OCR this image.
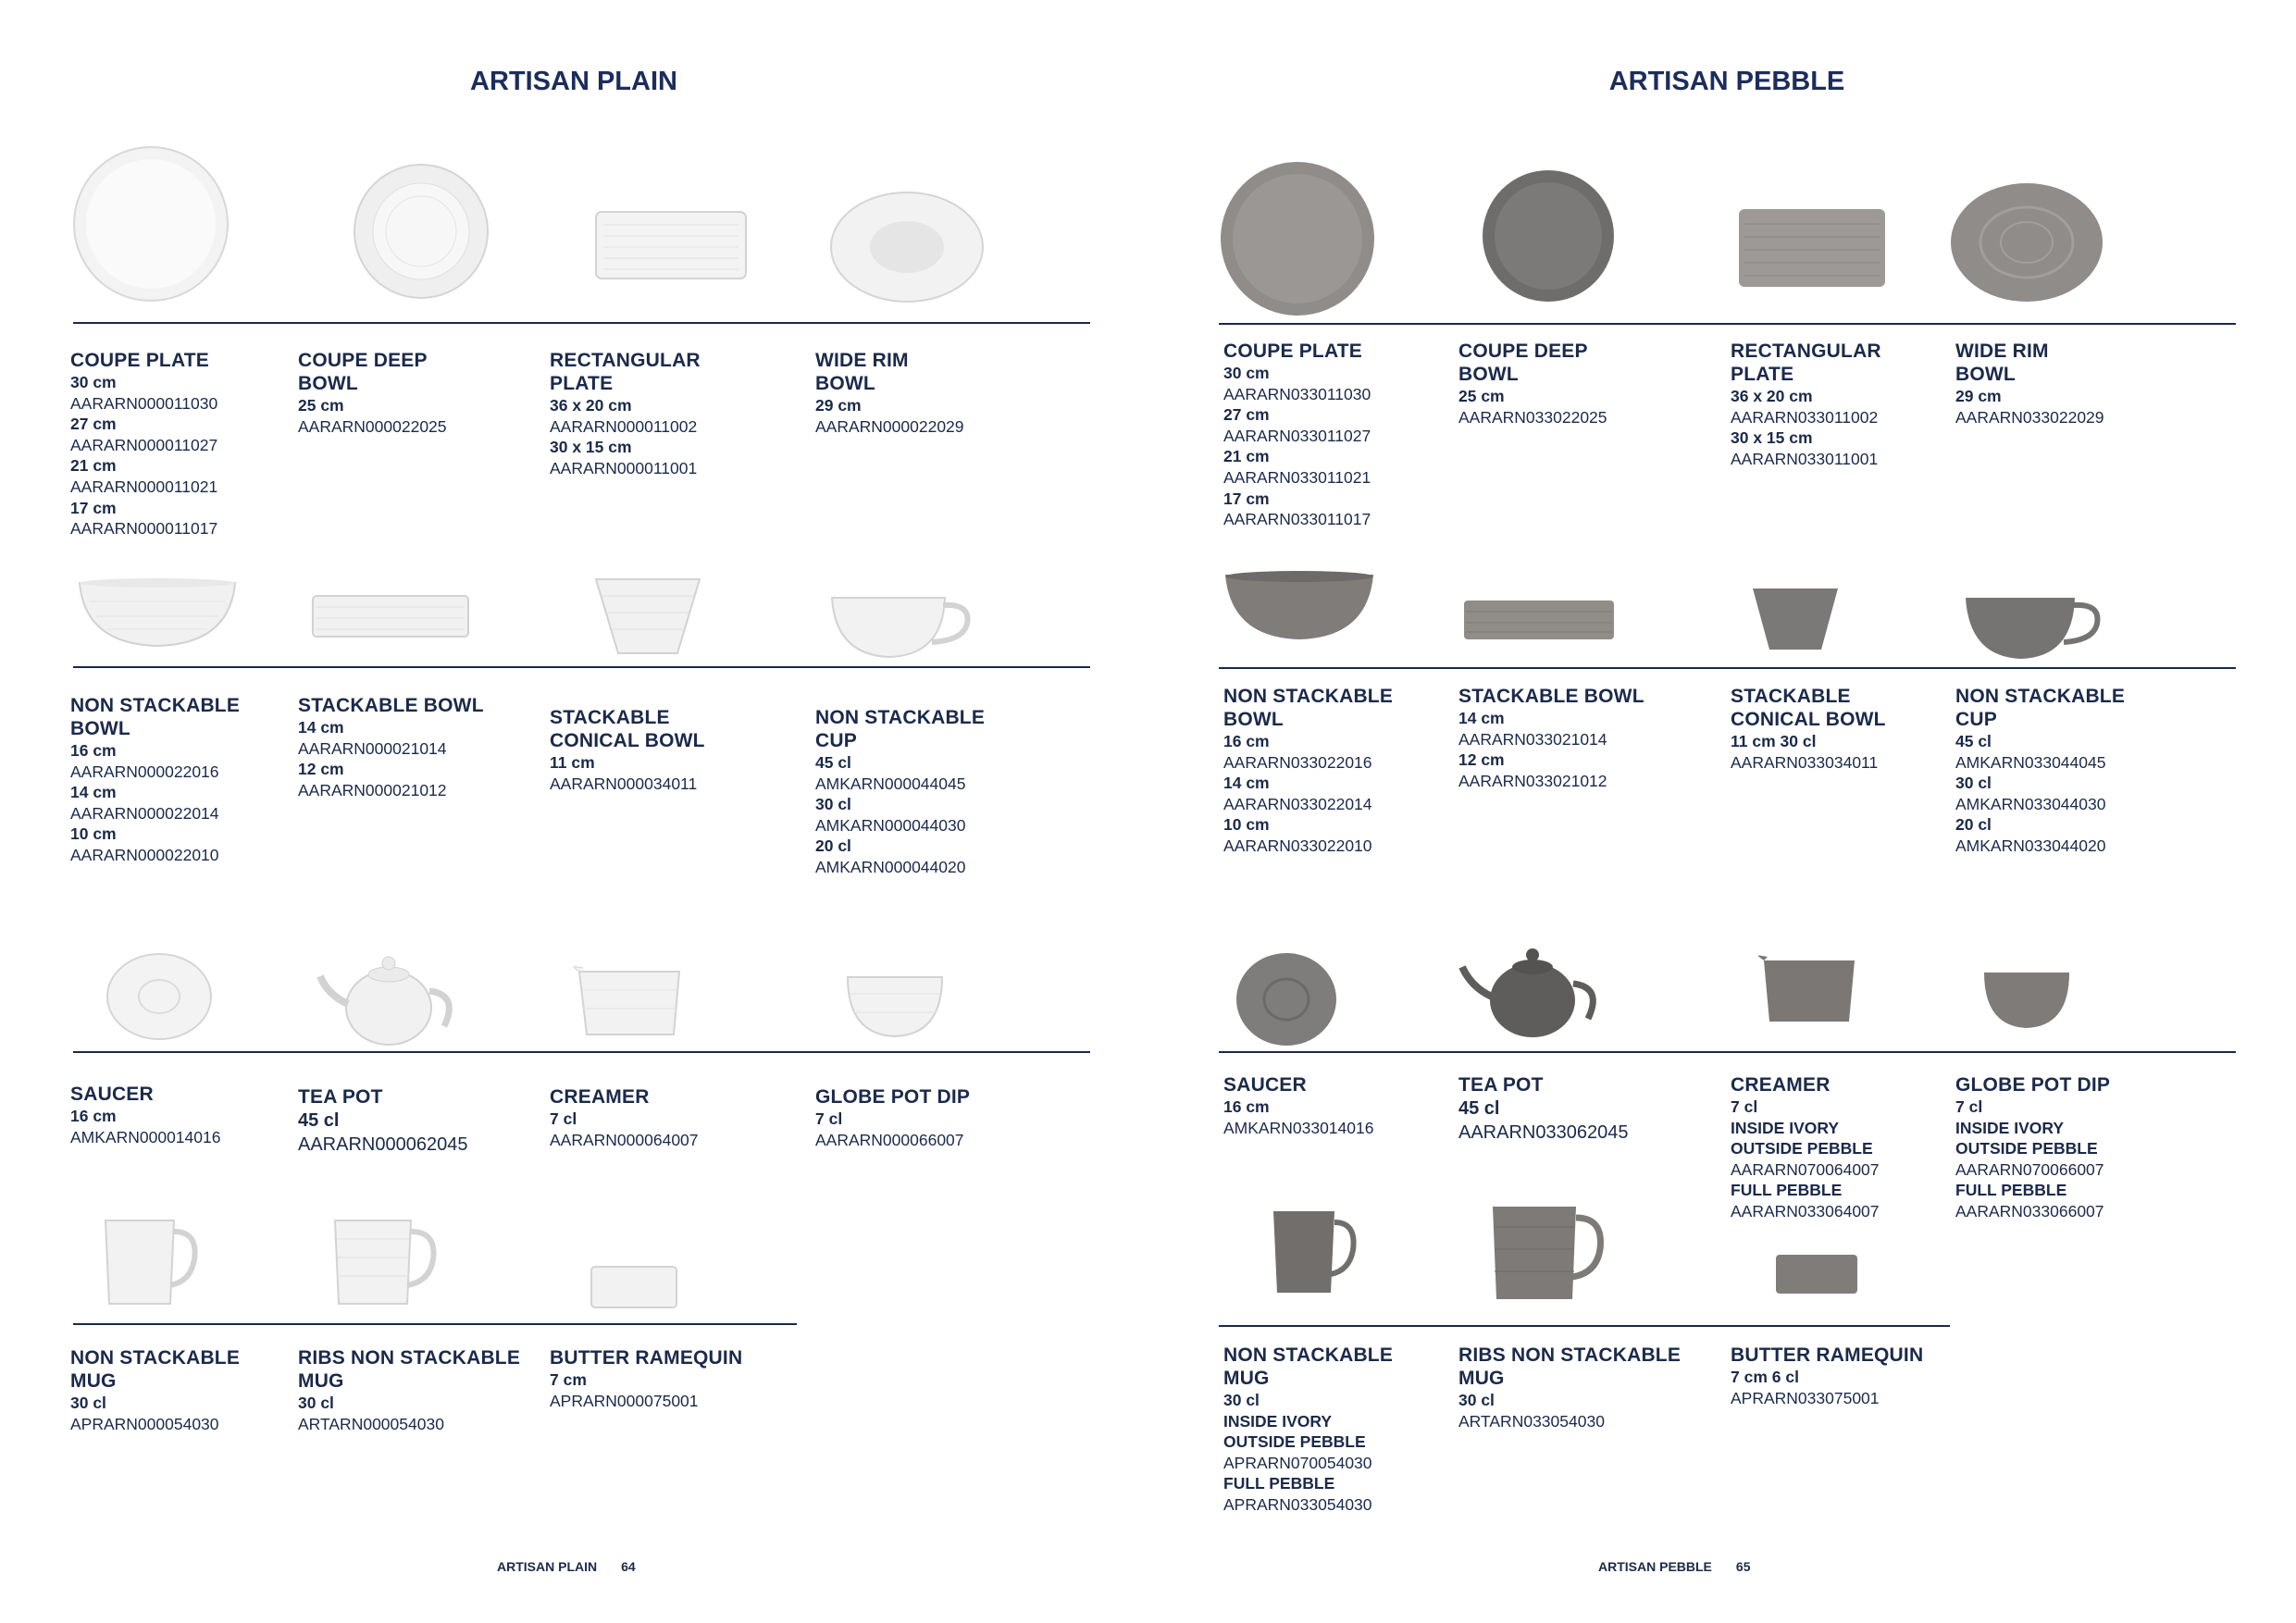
ARTISAN PLAIN	ARTISAN PEBBLE
COUPE PLATE
30 cm
AARARN000011030
27 cm
AARARN000011027
21 cm
AARARN000011021
17 cm
AARARN000011017
COUPE DEEP
BOWL
25 cm
AARARN000022025
RECTANGULAR
PLATE
36 x 20 cm
AARARN000011002
30 x 15 cm
AARARN000011001
WIDE RIM
BOWL
29 cm
AARARN000022029
NON STACKABLE
BOWL
16 cm
AARARN000022016
14 cm
AARARN000022014
10 cm
AARARN000022010
STACKABLE BOWL
14 cm
AARARN000021014
12 cm
AARARN000021012
STACKABLE
CONICAL BOWL
11 cm
AARARN000034011
NON STACKABLE
CUP
45 cl
AMKARN000044045
30 cl
AMKARN000044030
20 cl
AMKARN000044020
SAUCER
16 cm
AMKARN000014016
TEA POT
45 cl
AARARN000062045
CREAMER
7 cl
AARARN000064007
GLOBE POT DIP
7 cl
AARARN000066007
NON STACKABLE
MUG
30 cl
APRARN000054030
RIBS NON STACKABLE
MUG
30 cl
ARTARN000054030
BUTTER RAMEQUIN
7 cm
APRARN000075001
COUPE PLATE
30 cm
AARARN033011030
27 cm
AARARN033011027
21 cm
AARARN033011021
17 cm
AARARN033011017
COUPE DEEP
BOWL
25 cm
AARARN033022025
RECTANGULAR
PLATE
36 x 20 cm
AARARN033011002
30 x 15 cm
AARARN033011001
WIDE RIM
BOWL
29 cm
AARARN033022029
NON STACKABLE
BOWL
16 cm
AARARN033022016
14 cm
AARARN033022014
10 cm
AARARN033022010
STACKABLE BOWL
14 cm
AARARN033021014
12 cm
AARARN033021012
STACKABLE
CONICAL BOWL
11 cm 30 cl
AARARN033034011
NON STACKABLE
CUP
45 cl
AMKARN033044045
30 cl
AMKARN033044030
20 cl
AMKARN033044020
SAUCER
16 cm
AMKARN033014016
TEA POT
45 cl
AARARN033062045
CREAMER
7 cl
INSIDE IVORY
OUTSIDE PEBBLE
AARARN070064007
FULL PEBBLE
AARARN033064007
GLOBE POT DIP
7 cl
INSIDE IVORY
OUTSIDE PEBBLE
AARARN070066007
FULL PEBBLE
AARARN033066007
NON STACKABLE
MUG
30 cl
INSIDE IVORY
OUTSIDE PEBBLE
APRARN070054030
FULL PEBBLE
APRARN033054030
RIBS NON STACKABLE
MUG
30 cl
ARTARN033054030
BUTTER RAMEQUIN
7 cm 6 cl
APRARN033075001
ARTISAN PLAIN 64	ARTISAN PEBBLE 65
